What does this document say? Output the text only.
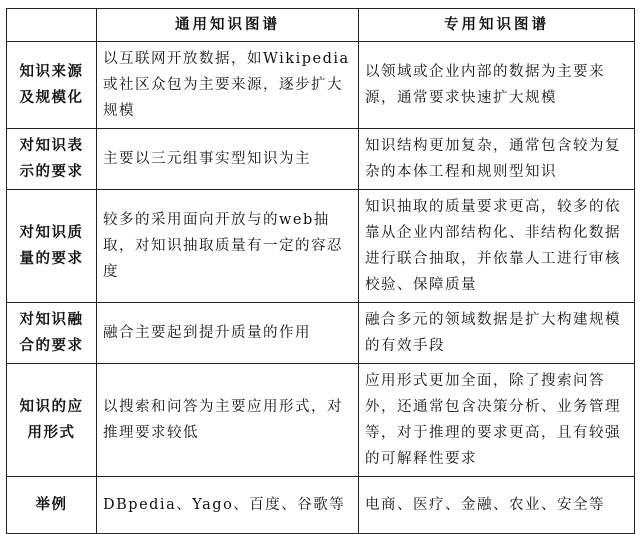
	通用知识图谱	专用知识图谱
知识来源及规模化	以互联网开放数据，如Wikipedia或社区众包为主要来源，逐步扩大规模	以领域或企业内部的数据为主要来源，通常要求快速扩大规模
对知识表示的要求	主要以三元组事实型知识为主	知识结构更加复杂，通常包含较为复杂的本体工程和规则型知识
对知识质量的要求	较多的采用面向开放与的web抽取，对知识抽取质量有一定的容忍度	知识抽取的质量要求更高，较多的依靠从企业内部结构化、非结构化数据进行联合抽取，并依靠人工进行审核校验、保障质量
对知识融合的要求	融合主要起到提升质量的作用	融合多元的领域数据是扩大构建规模的有效手段
知识的应用形式	以搜索和问答为主要应用形式，对推理要求较低	应用形式更加全面，除了搜索问答外，还通常包含决策分析、业务管理等，对于推理的要求更高，且有较强的可解释性要求
举例	DBpedia、Yago、百度、谷歌等	电商、医疗、金融、农业、安全等
